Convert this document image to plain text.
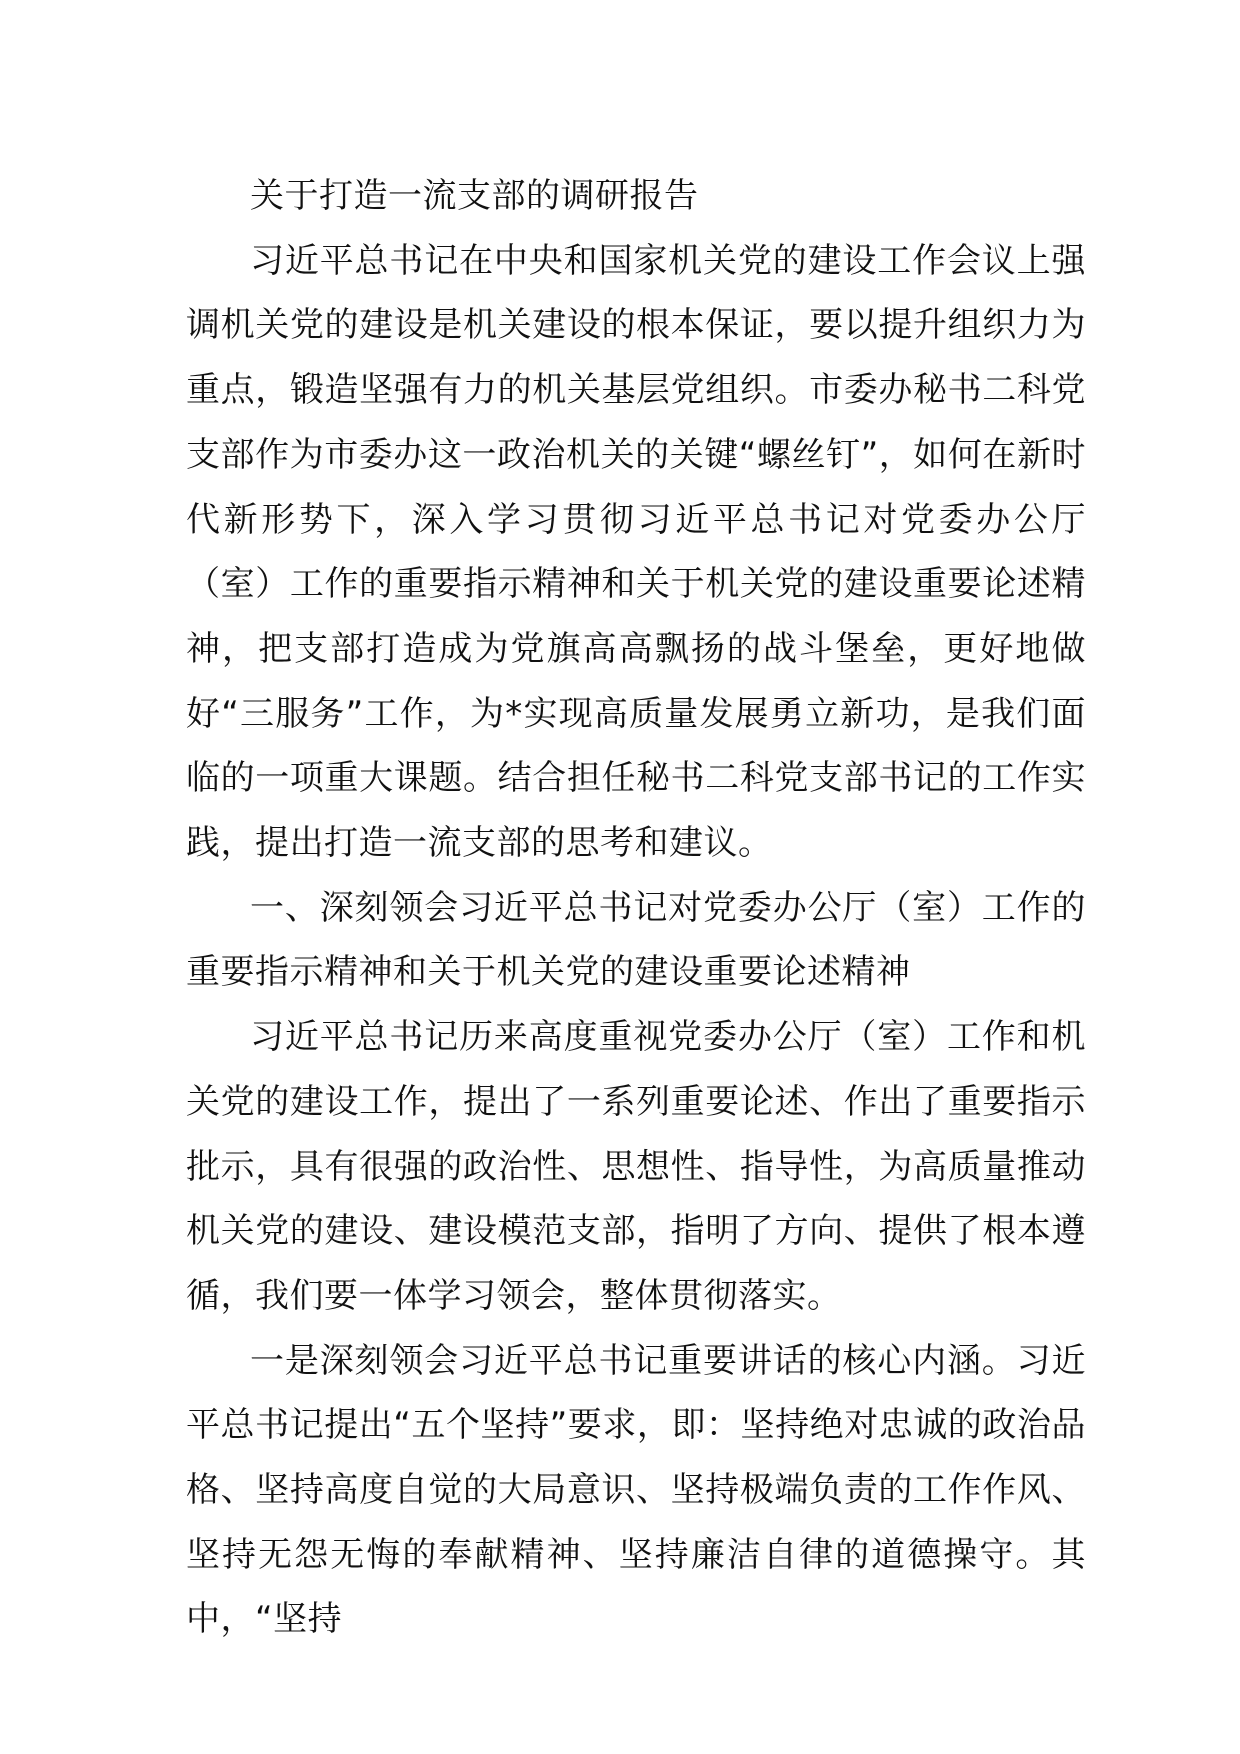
关于打造一流支部的调研报告

习近平总书记在中央和国家机关党的建设工作会议上强调机关党的建设是机关建设的根本保证，要以提升组织力为重点，锻造坚强有力的机关基层党组织。市委办秘书二科党支部作为市委办这一政治机关的关键“螺丝钉”，如何在新时代新形势下，深入学习贯彻习近平总书记对党委办公厅（室）工作的重要指示精神和关于机关党的建设重要论述精神，把支部打造成为党旗高高飘扬的战斗堡垒，更好地做好“三服务”工作，为*实现高质量发展勇立新功，是我们面临的一项重大课题。结合担任秘书二科党支部书记的工作实践，提出打造一流支部的思考和建议。

一、深刻领会习近平总书记对党委办公厅（室）工作的重要指示精神和关于机关党的建设重要论述精神

习近平总书记历来高度重视党委办公厅（室）工作和机关党的建设工作，提出了一系列重要论述、作出了重要指示批示，具有很强的政治性、思想性、指导性，为高质量推动机关党的建设、建设模范支部，指明了方向、提供了根本遵循，我们要一体学习领会，整体贯彻落实。

一是深刻领会习近平总书记重要讲话的核心内涵。习近平总书记提出“五个坚持”要求，即：坚持绝对忠诚的政治品格、坚持高度自觉的大局意识、坚持极端负责的工作作风、坚持无怨无悔的奉献精神、坚持廉洁自律的道德操守。其中，“坚持
